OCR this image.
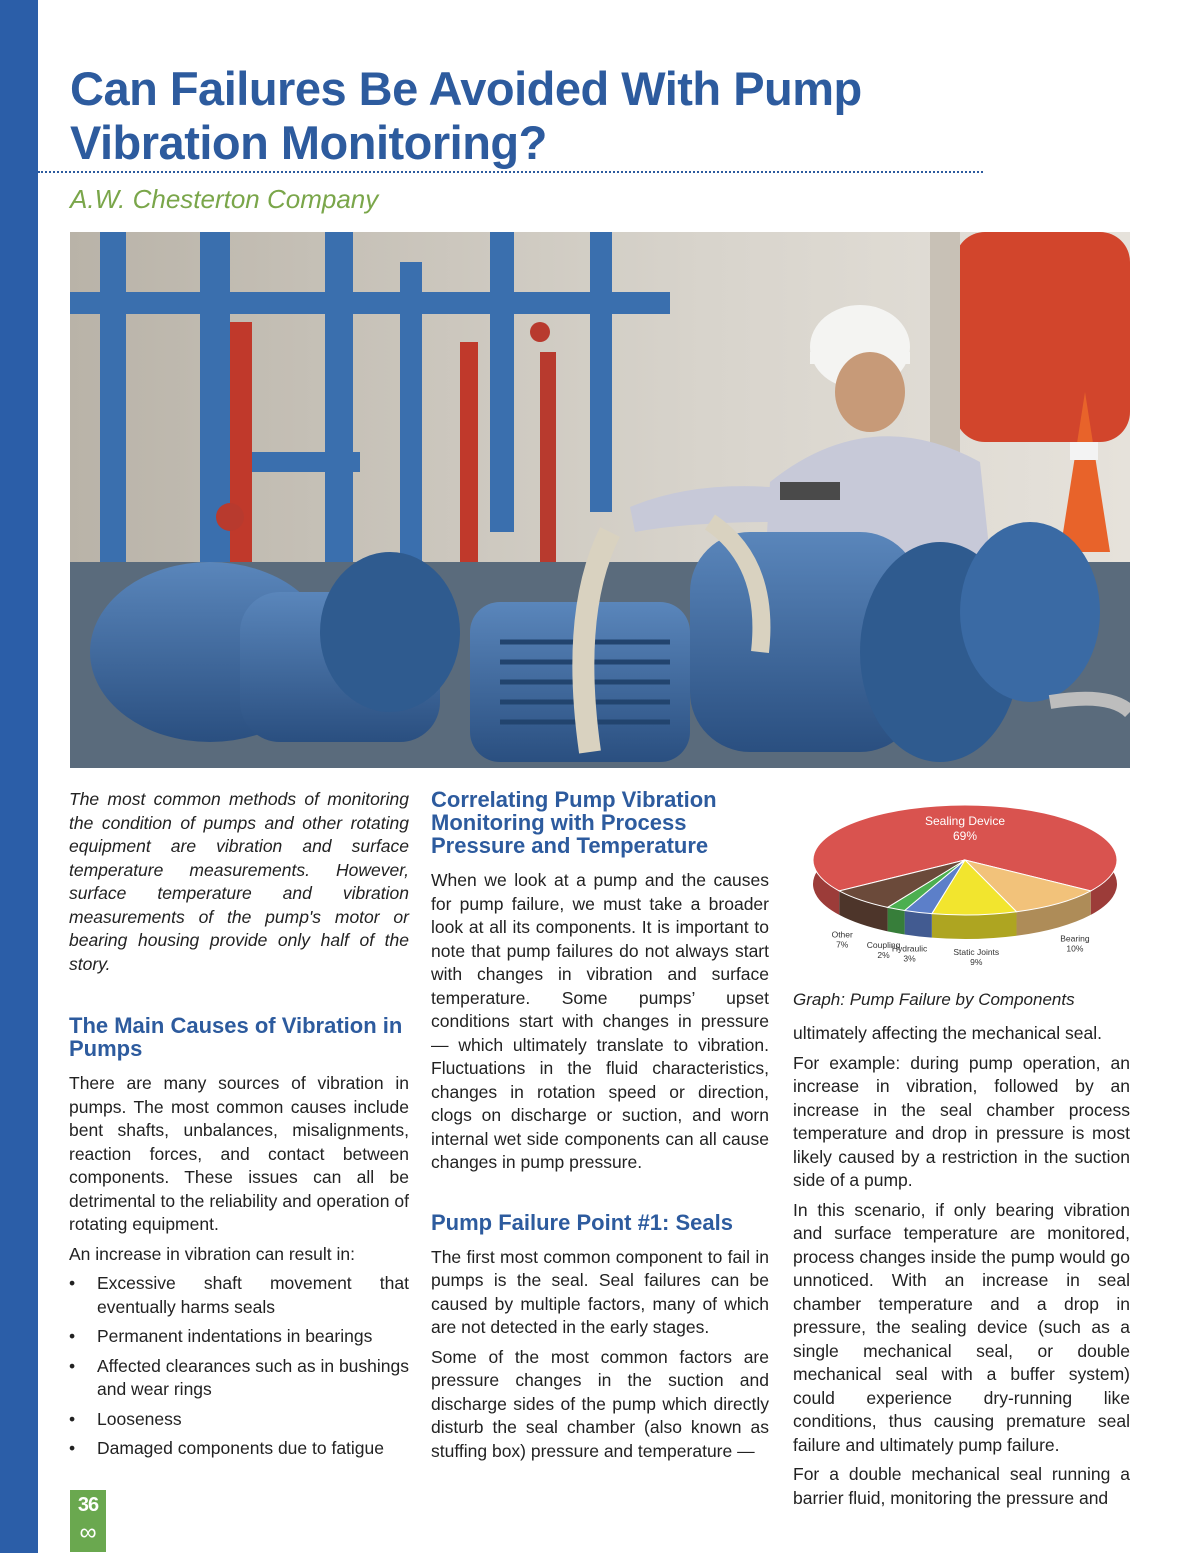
Can Failures Be Avoided With Pump Vibration Monitoring?
A.W. Chesterton Company

The most common methods of monitoring the condition of pumps and other rotating equipment are vibration and surface temperature measurements. However, surface temperature and vibration measurements of the pump's motor or bearing housing provide only half of the story.

The Main Causes of Vibration in Pumps

There are many sources of vibration in pumps. The most common causes include bent shafts, unbalances, misalignments, reaction forces, and contact between components. These issues can all be detrimental to the reliability and operation of rotating equipment.

An increase in vibration can result in:

• Excessive shaft movement that eventually harms seals
• Permanent indentations in bearings
• Affected clearances such as in bushings and wear rings
• Looseness
• Damaged components due to fatigue
Correlating Pump Vibration Monitoring with Process Pressure and Temperature

When we look at a pump and the causes for pump failure, we must take a broader look at all its components. It is important to note that pump failures do not always start with changes in vibration and surface temperature. Some pumps’ upset conditions start with changes in pressure — which ultimately translate to vibration. Fluctuations in the fluid characteristics, changes in rotation speed or direction, clogs on discharge or suction, and worn internal wet side components can all cause changes in pump pressure.

Pump Failure Point #1: Seals

The first most common component to fail in pumps is the seal. Seal failures can be caused by multiple factors, many of which are not detected in the early stages.

Some of the most common factors are pressure changes in the suction and discharge sides of the pump which directly disturb the seal chamber (also known as stuffing box) pressure and temperature —

Sealing Device
69%
Bearing
10%
Static Joints
9%
Hydraulic
3%
Coupling
2%
Other
7%
Graph: Pump Failure by Components

ultimately affecting the mechanical seal.

For example: during pump operation, an increase in vibration, followed by an increase in the seal chamber process temperature and drop in pressure is most likely caused by a restriction in the suction side of a pump.

In this scenario, if only bearing vibration and surface temperature are monitored, process changes inside the pump would go unnoticed. With an increase in seal chamber temperature and a drop in pressure, the sealing device (such as a single mechanical seal, or double mechanical seal with a buffer system) could experience dry-running like conditions, thus causing premature seal failure and ultimately pump failure.

For a double mechanical seal running a barrier fluid, monitoring the pressure and

36
∞
